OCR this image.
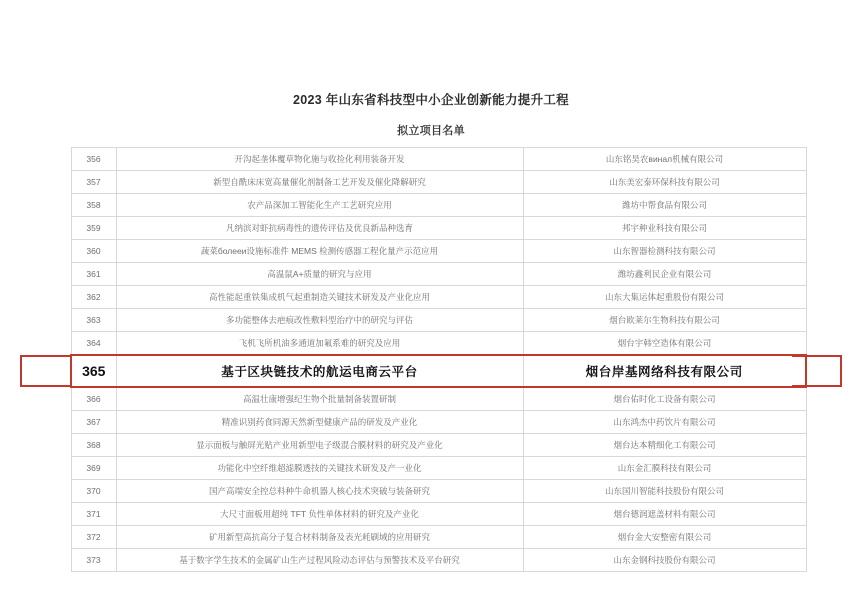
2023 年山东省科技型中小企业创新能力提升工程
拟立项目名单
356	开沟起垄体覆草物化施与收捡化利用装备开发	山东铭昊农винал机械有限公司
357	新型自酰床床宽高量催化剂制备工艺开发及催化降解研究	山东美宏泰环保科技有限公司
358	农产品深加工智能化生产工艺研究应用	潍坊中帮食品有限公司
359	凡纳滨对虾抗病毒性的遗传评估及优良新品种选育	邦宇种业科技有限公司
360	蔬菜болееи设施标准件 MEMS 检测传感器工程化量产示范应用	山东智器检测科技有限公司
361	高温鼠A+质量的研究与应用	潍坊鑫利民企业有限公司
362	高性能起重铁集成机气起重制造关键技术研发及产业化应用	山东大集运体起重股份有限公司
363	多功能整体去疤痕改性敷料型治疗中的研究与评估	烟台欧莱尔生物科技有限公司
364	飞机飞所机油多通道加氟系难的研究及应用	烟台宇韩空造体有限公司
365	基于区块链技术的航运电商云平台	烟台岸基网络科技有限公司
366	高温壮康增强纪生物个批量制备装置研制	烟台佑时化工设备有限公司
367	精准识别药食同源天然新型健康产品的研发及产业化	山东鸿杰中药饮片有限公司
368	显示面板与触屏光贴产业用新型电子级混合膜材料的研究及产业化	烟台达本精细化工有限公司
369	功能化中空纤维超滤膜透技的关键技术研发及产一业化	山东金汇膜科技有限公司
370	国产高端安全控总料种牛命机器人核心技术突破与装备研究	山东国川智能科技股份有限公司
371	大尺寸面板用超纯 TFT 负性单体材料的研究及产业化	烟台德润遮盖材料有限公司
372	矿用新型高抗高分子复合材料制备及表光耗刷域的应用研究	烟台金大安整密有限公司
373	基于数字学生技术的金属矿山生产过程风险动态评估与预警技术及平台研究	山东金钢科技股份有限公司
